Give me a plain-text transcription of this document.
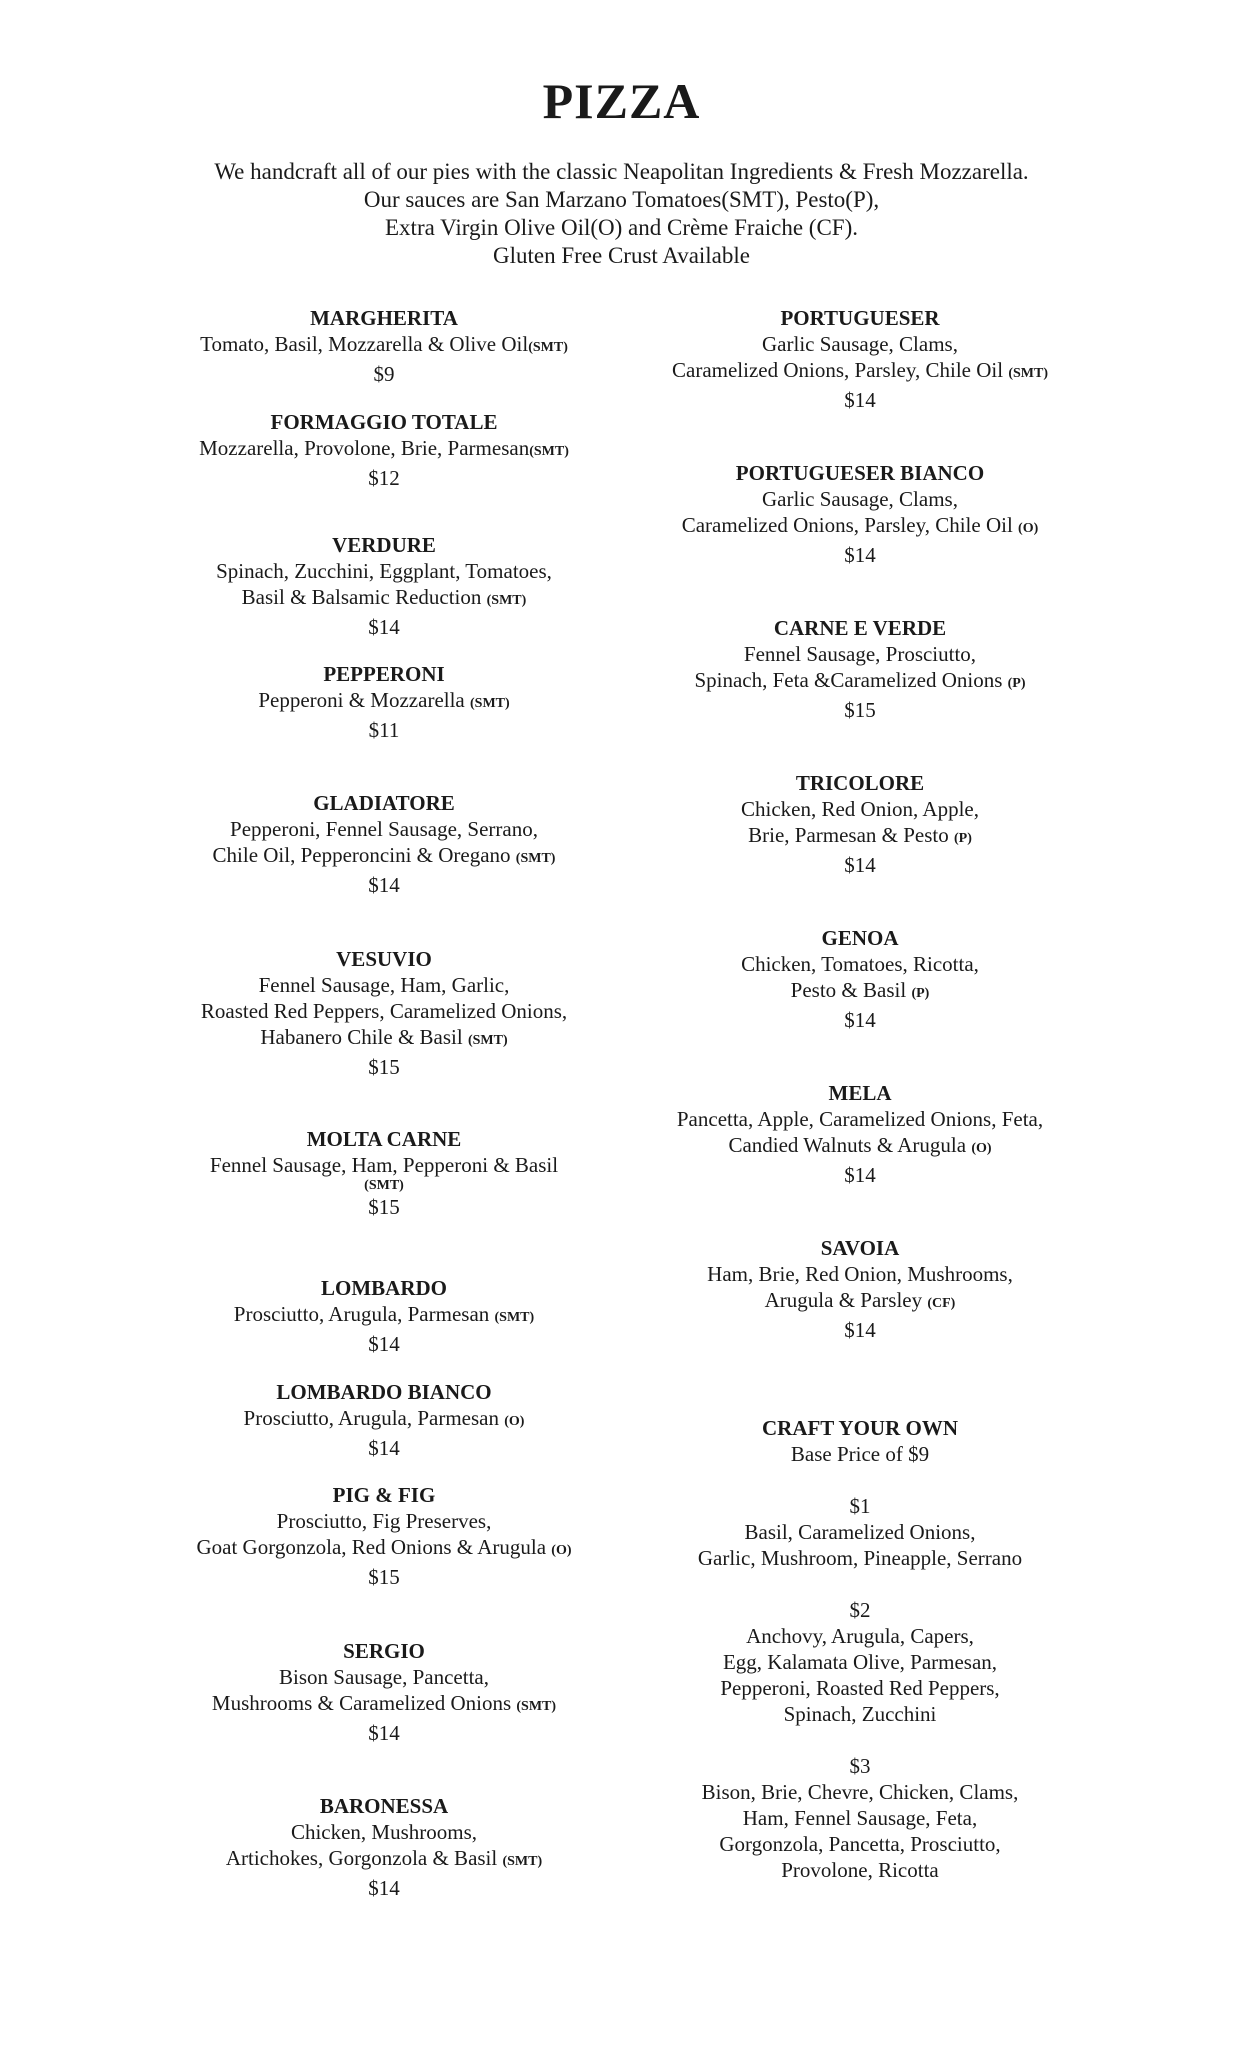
PIZZA
We handcraft all of our pies with the classic Neapolitan Ingredients & Fresh Mozzarella.
Our sauces are San Marzano Tomatoes(SMT), Pesto(P),
Extra Virgin Olive Oil(O) and Crème Fraiche (CF).
Gluten Free Crust Available
MARGHERITA
Tomato, Basil, Mozzarella & Olive Oil(SMT)
$9
FORMAGGIO TOTALE
Mozzarella, Provolone, Brie, Parmesan(SMT)
$12
VERDURE
Spinach, Zucchini, Eggplant, Tomatoes,
Basil & Balsamic Reduction (SMT)
$14
PEPPERONI
Pepperoni & Mozzarella (SMT)
$11
GLADIATORE
Pepperoni, Fennel Sausage, Serrano,
Chile Oil, Pepperoncini & Oregano (SMT)
$14
VESUVIO
Fennel Sausage, Ham, Garlic,
Roasted Red Peppers, Caramelized Onions,
Habanero Chile & Basil (SMT)
$15
MOLTA CARNE
Fennel Sausage, Ham, Pepperoni & Basil
(SMT)
$15
LOMBARDO
Prosciutto, Arugula, Parmesan (SMT)
$14
LOMBARDO BIANCO
Prosciutto, Arugula, Parmesan (O)
$14
PIG & FIG
Prosciutto, Fig Preserves,
Goat Gorgonzola, Red Onions & Arugula (O)
$15
SERGIO
Bison Sausage, Pancetta,
Mushrooms & Caramelized Onions (SMT)
$14
BARONESSA
Chicken, Mushrooms,
Artichokes, Gorgonzola & Basil (SMT)
$14
PORTUGUESER
Garlic Sausage, Clams,
Caramelized Onions, Parsley, Chile Oil (SMT)
$14
PORTUGUESER BIANCO
Garlic Sausage, Clams,
Caramelized Onions, Parsley, Chile Oil (O)
$14
CARNE E VERDE
Fennel Sausage, Prosciutto,
Spinach, Feta &Caramelized Onions (P)
$15
TRICOLORE
Chicken, Red Onion, Apple,
Brie, Parmesan & Pesto (P)
$14
GENOA
Chicken, Tomatoes, Ricotta,
Pesto & Basil (P)
$14
MELA
Pancetta, Apple, Caramelized Onions, Feta,
Candied Walnuts & Arugula (O)
$14
SAVOIA
Ham, Brie, Red Onion, Mushrooms,
Arugula & Parsley (CF)
$14
CRAFT YOUR OWN
Base Price of $9
$1
Basil, Caramelized Onions,
Garlic, Mushroom, Pineapple, Serrano
$2
Anchovy, Arugula, Capers,
Egg, Kalamata Olive, Parmesan,
Pepperoni, Roasted Red Peppers,
Spinach, Zucchini
$3
Bison, Brie, Chevre, Chicken, Clams,
Ham, Fennel Sausage, Feta,
Gorgonzola, Pancetta, Prosciutto,
Provolone, Ricotta
